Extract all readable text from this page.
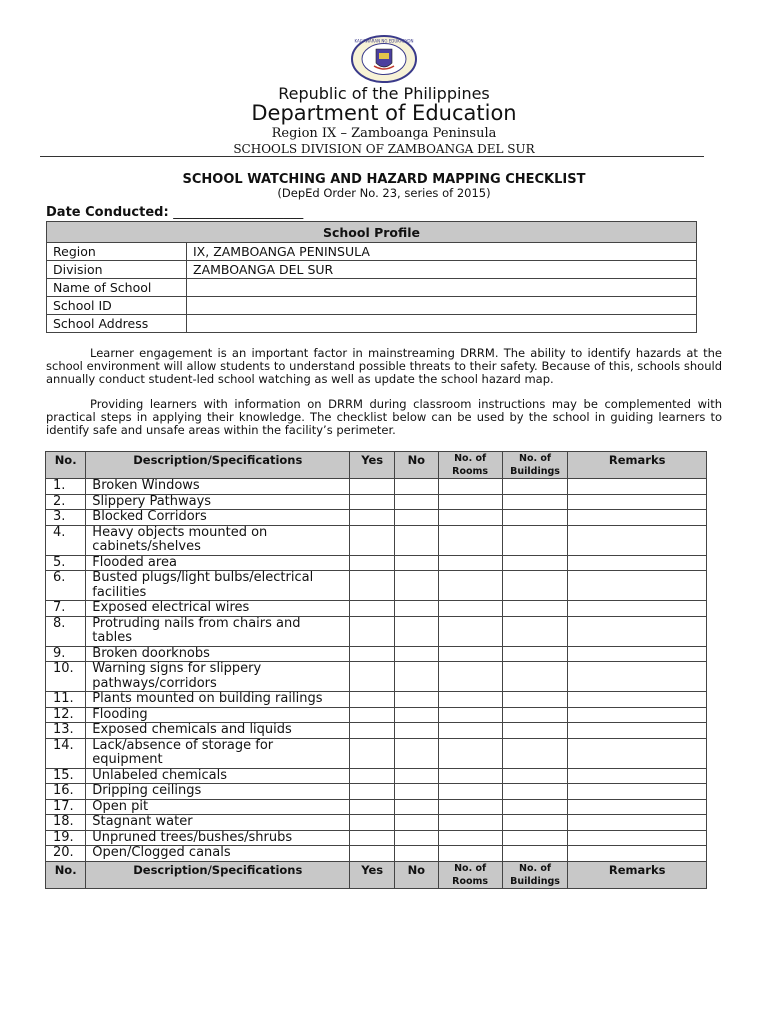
KAGAWARAN NG EDUKASYON
Republic of the Philippines
Department of Education
Region IX – Zamboanga Peninsula
SCHOOLS DIVISION OF ZAMBOANGA DEL SUR
SCHOOL WATCHING AND HAZARD MAPPING CHECKLIST
(DepEd Order No. 23, series of 2015)
Date Conducted: ____________________
School Profile	
Region	IX, ZAMBOANGA PENINSULA
Division	ZAMBOANGA DEL SUR
Name of School	
School ID	
School Address	
Learner engagement is an important factor in mainstreaming DRRM. The ability to identify hazards at the school environment will allow students to understand possible threats to their safety. Because of this, schools should annually conduct student-led school watching as well as update the school hazard map.
Providing learners with information on DRRM during classroom instructions may be complemented with practical steps in applying their knowledge. The checklist below can be used by the school in guiding learners to identify safe and unsafe areas within the facility’s perimeter.
No.	Description/Specifications	Yes	No	No. of Rooms	No. of Buildings	Remarks
1.	Broken Windows					
2.	Slippery Pathways					
3.	Blocked Corridors					
4.	Heavy objects mounted on cabinets/shelves					
5.	Flooded area					
6.	Busted plugs/light bulbs/electrical facilities					
7.	Exposed electrical wires					
8.	Protruding nails from chairs and tables					
9.	Broken doorknobs					
10.	Warning signs for slippery pathways/corridors					
11.	Plants mounted on building railings					
12.	Flooding					
13.	Exposed chemicals and liquids					
14.	Lack/absence of storage for equipment					
15.	Unlabeled chemicals					
16.	Dripping ceilings					
17.	Open pit					
18.	Stagnant water					
19.	Unpruned trees/bushes/shrubs					
20.	Open/Clogged canals					
No.	Description/Specifications	Yes	No	No. of Rooms	No. of Buildings	Remarks
